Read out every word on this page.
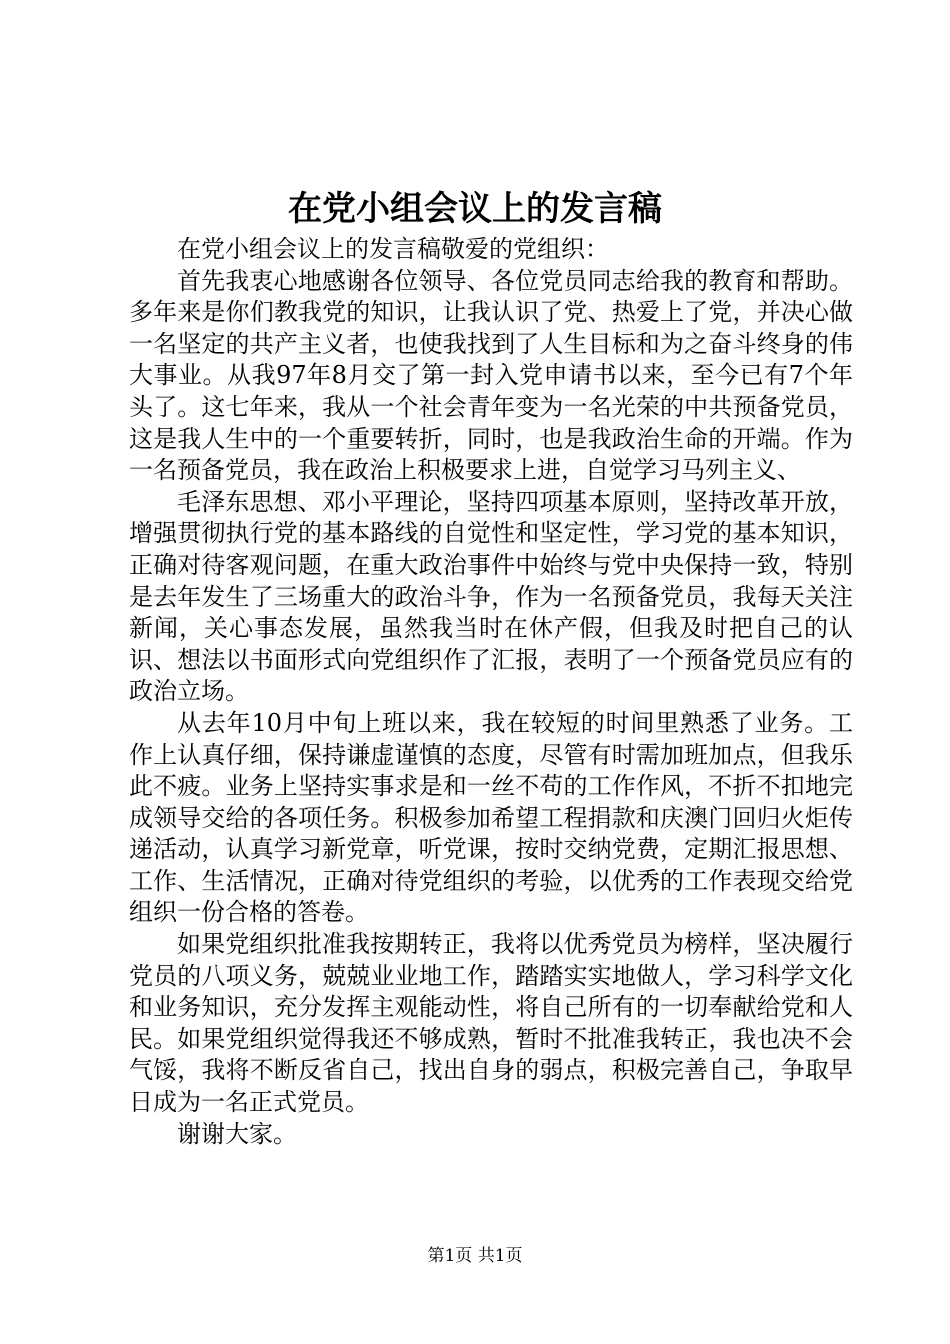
在党小组会议上的发言稿

在党小组会议上的发言稿敬爱的党组织：

首先我衷心地感谢各位领导、各位党员同志给我的教育和帮助。多年来是你们教我党的知识，让我认识了党、热爱上了党，并决心做一名坚定的共产主义者，也使我找到了人生目标和为之奋斗终身的伟大事业。从我97年8月交了第一封入党申请书以来，至今已有7个年头了。这七年来，我从一个社会青年变为一名光荣的中共预备党员，这是我人生中的一个重要转折，同时，也是我政治生命的开端。作为一名预备党员，我在政治上积极要求上进，自觉学习马列主义、

毛泽东思想、邓小平理论，坚持四项基本原则，坚持改革开放，增强贯彻执行党的基本路线的自觉性和坚定性，学习党的基本知识，正确对待客观问题，在重大政治事件中始终与党中央保持一致，特别是去年发生了三场重大的政治斗争，作为一名预备党员，我每天关注新闻，关心事态发展，虽然我当时在休产假，但我及时把自己的认识、想法以书面形式向党组织作了汇报，表明了一个预备党员应有的政治立场。

从去年10月中旬上班以来，我在较短的时间里熟悉了业务。工作上认真仔细，保持谦虚谨慎的态度，尽管有时需加班加点，但我乐此不疲。业务上坚持实事求是和一丝不苟的工作作风，不折不扣地完成领导交给的各项任务。积极参加希望工程捐款和庆澳门回归火炬传递活动，认真学习新党章，听党课，按时交纳党费，定期汇报思想、工作、生活情况，正确对待党组织的考验，以优秀的工作表现交给党组织一份合格的答卷。

如果党组织批准我按期转正，我将以优秀党员为榜样，坚决履行党员的八项义务，兢兢业业地工作，踏踏实实地做人，学习科学文化和业务知识，充分发挥主观能动性，将自己所有的一切奉献给党和人民。如果党组织觉得我还不够成熟，暂时不批准我转正，我也决不会气馁，我将不断反省自己，找出自身的弱点，积极完善自己，争取早日成为一名正式党员。

谢谢大家。

第1页 共1页
